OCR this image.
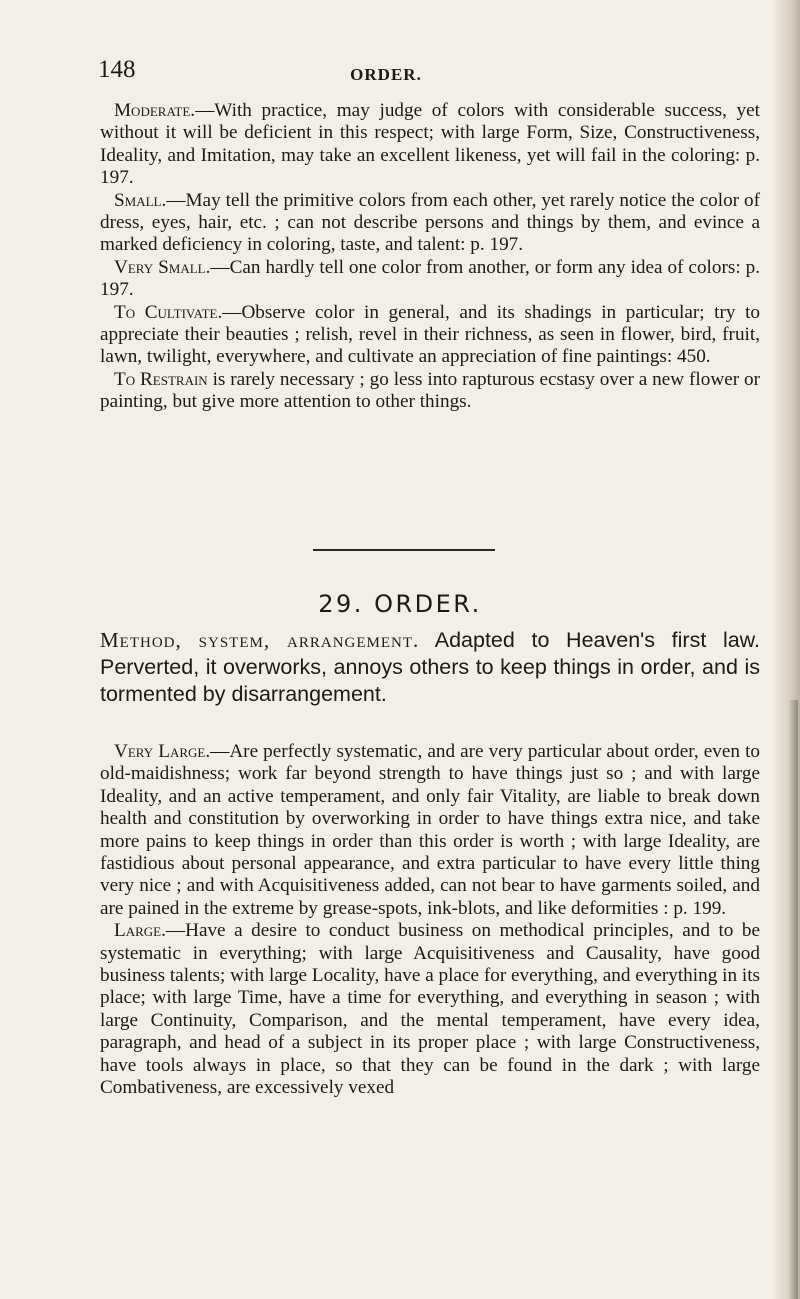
148	ORDER.

Moderate.—With practice, may judge of colors with considerable success, yet without it will be deficient in this respect; with large Form, Size, Constructiveness, Ideality, and Imitation, may take an excellent likeness, yet will fail in the coloring: p. 197.

Small.—May tell the primitive colors from each other, yet rarely notice the color of dress, eyes, hair, etc. ; can not describe persons and things by them, and evince a marked deficiency in coloring, taste, and talent: p. 197.

Very Small.—Can hardly tell one color from another, or form any idea of colors: p. 197.

To Cultivate.—Observe color in general, and its shadings in particular; try to appreciate their beauties ; relish, revel in their richness, as seen in flower, bird, fruit, lawn, twilight, everywhere, and cultivate an appreciation of fine paintings: 450.

To Restrain is rarely necessary ; go less into rapturous ecstasy over a new flower or painting, but give more attention to other things.

29. ORDER.
Method, system, arrangement. Adapted to Heaven's first law. Perverted, it overworks, annoys others to keep things in order, and is tormented by disarrangement.

Very Large.—Are perfectly systematic, and are very particular about order, even to old-maidishness; work far beyond strength to have things just so ; and with large Ideality, and an active temperament, and only fair Vitality, are liable to break down health and constitution by overworking in order to have things extra nice, and take more pains to keep things in order than this order is worth ; with large Ideality, are fastidious about personal appearance, and extra particular to have every little thing very nice ; and with Acquisitiveness added, can not bear to have garments soiled, and are pained in the extreme by grease-spots, ink-blots, and like deformities : p. 199.

Large.—Have a desire to conduct business on methodical principles, and to be systematic in everything; with large Acquisitiveness and Causality, have good business talents; with large Locality, have a place for everything, and everything in its place; with large Time, have a time for everything, and everything in season ; with large Continuity, Comparison, and the mental temperament, have every idea, paragraph, and head of a subject in its proper place ; with large Constructiveness, have tools always in place, so that they can be found in the dark ; with large Combativeness, are excessively vexed
